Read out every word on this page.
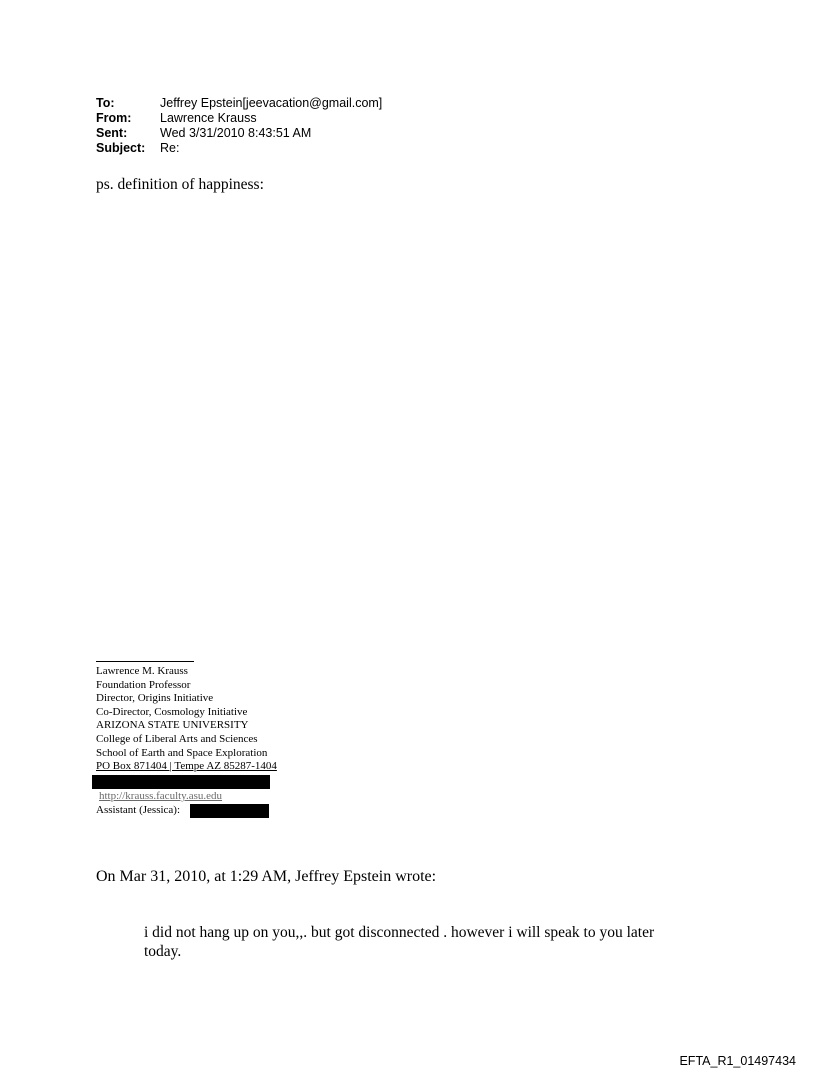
To:	Jeffrey Epstein[jeevacation@gmail.com]
From:	Lawrence Krauss
Sent:	Wed 3/31/2010 8:43:51 AM
Subject:	Re:
ps. definition of happiness:
Lawrence M. Krauss
Foundation Professor
Director, Origins Initiative
Co-Director, Cosmology Initiative
ARIZONA STATE UNIVERSITY
College of Liberal Arts and Sciences
School of Earth and Space Exploration
PO Box 871404 | Tempe AZ 85287-1404
http://krauss.faculty.asu.edu
Assistant (Jessica):
On Mar 31, 2010, at 1:29 AM, Jeffrey Epstein wrote:
i did not hang up on you,,. but got disconnected . however i will speak to you later today.
EFTA_R1_01497434
